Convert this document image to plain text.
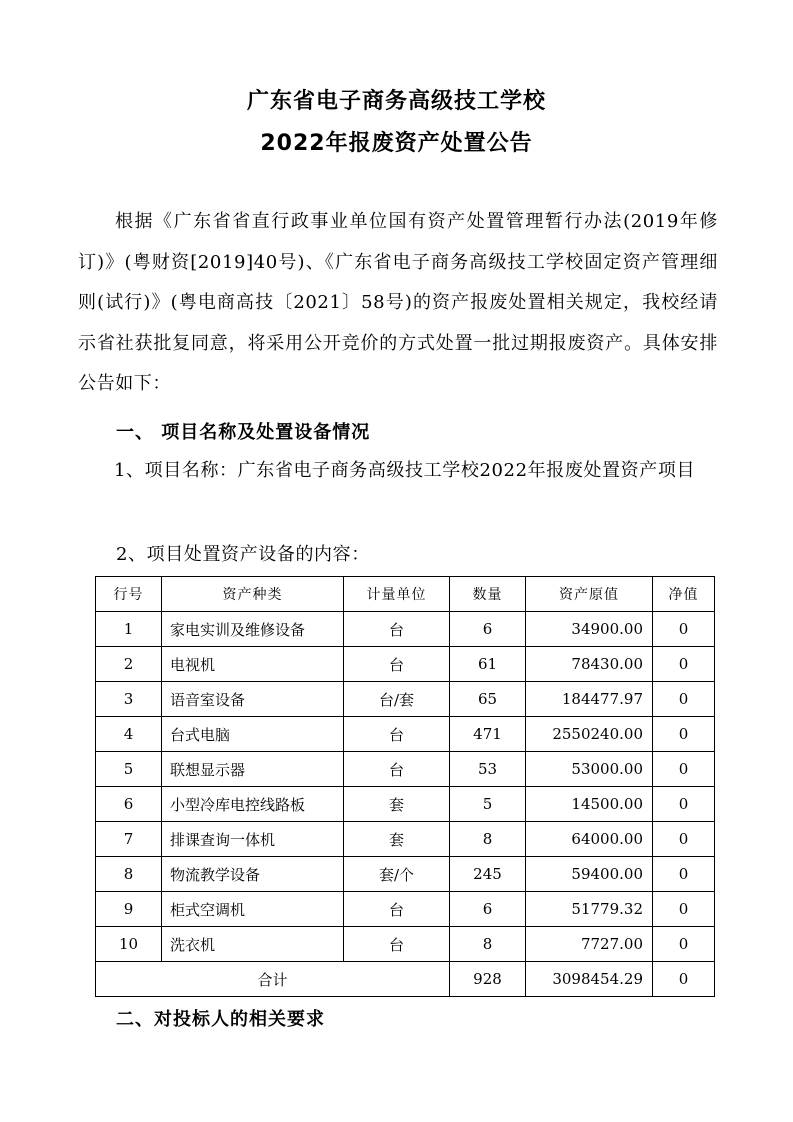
广东省电子商务高级技工学校
2022年报废资产处置公告
根据《广东省省直行政事业单位国有资产处置管理暂行办法(2019年修订)》(粤财资[2019]40号)、《广东省电子商务高级技工学校固定资产管理细则(试行)》(粤电商高技〔2021〕58号)的资产报废处置相关规定，我校经请示省社获批复同意，将采用公开竞价的方式处置一批过期报废资产。具体安排公告如下：
一、 项目名称及处置设备情况
1、项目名称：广东省电子商务高级技工学校2022年报废处置资产项目
2、项目处置资产设备的内容：
行号	资产种类	计量单位	数量	资产原值	净值
1	家电实训及维修设备	台	6	34900.00	0
2	电视机	台	61	78430.00	0
3	语音室设备	台/套	65	184477.97	0
4	台式电脑	台	471	2550240.00	0
5	联想显示器	台	53	53000.00	0
6	小型冷库电控线路板	套	5	14500.00	0
7	排课查询一体机	套	8	64000.00	0
8	物流教学设备	套/个	245	59400.00	0
9	柜式空调机	台	6	51779.32	0
10	洗衣机	台	8	7727.00	0
合计			928	3098454.29	0
二、对投标人的相关要求
